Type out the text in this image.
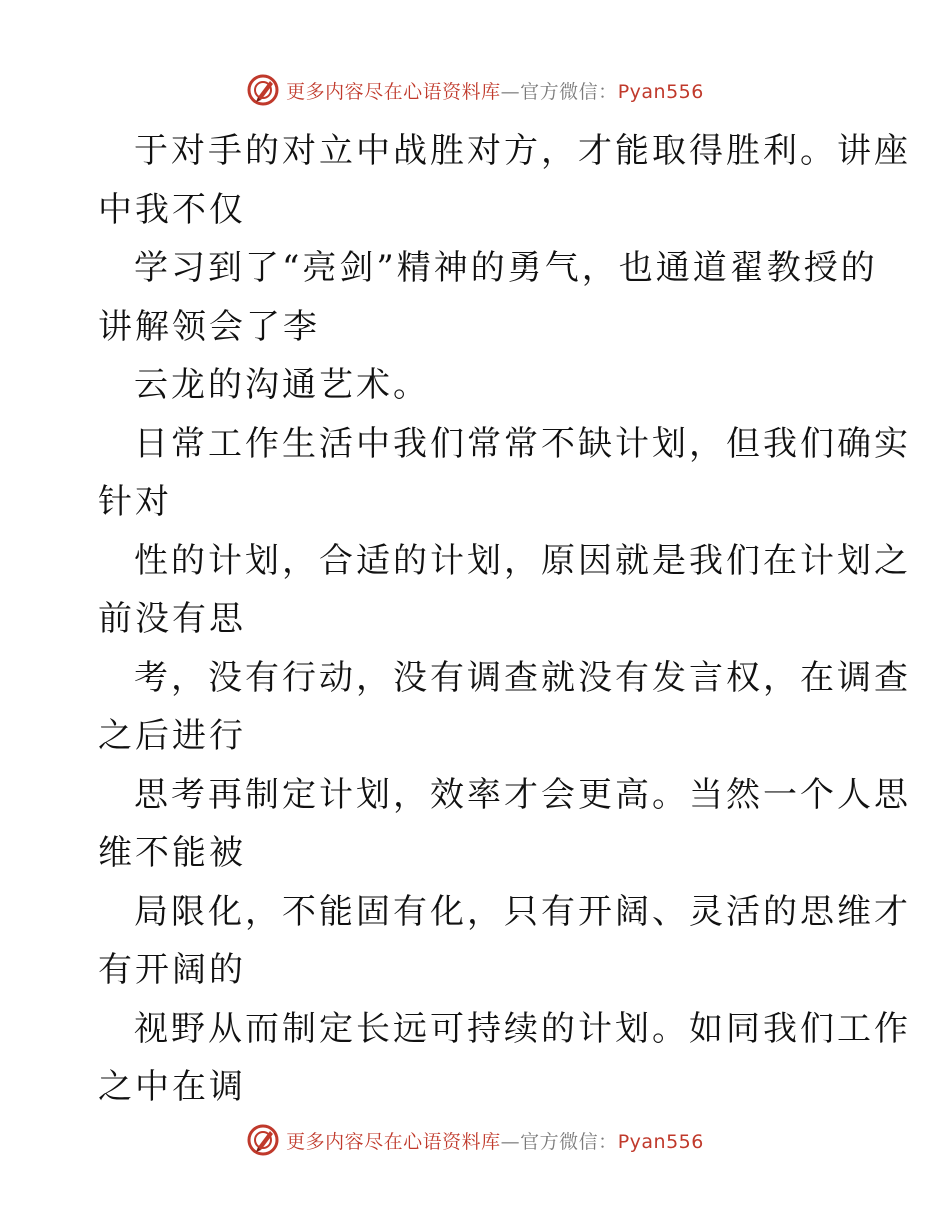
更多内容尽在心语资料库—官方微信：Pyan556
于对手的对立中战胜对方，才能取得胜利。讲座
中我不仅
学习到了“亮剑”精神的勇气，也通道翟教授的
讲解领会了李
云龙的沟通艺术。
日常工作生活中我们常常不缺计划，但我们确实
针对
性的计划，合适的计划，原因就是我们在计划之
前没有思
考，没有行动，没有调查就没有发言权，在调查
之后进行
思考再制定计划，效率才会更高。当然一个人思
维不能被
局限化，不能固有化，只有开阔、灵活的思维才
有开阔的
视野从而制定长远可持续的计划。如同我们工作
之中在调
更多内容尽在心语资料库—官方微信：Pyan556
